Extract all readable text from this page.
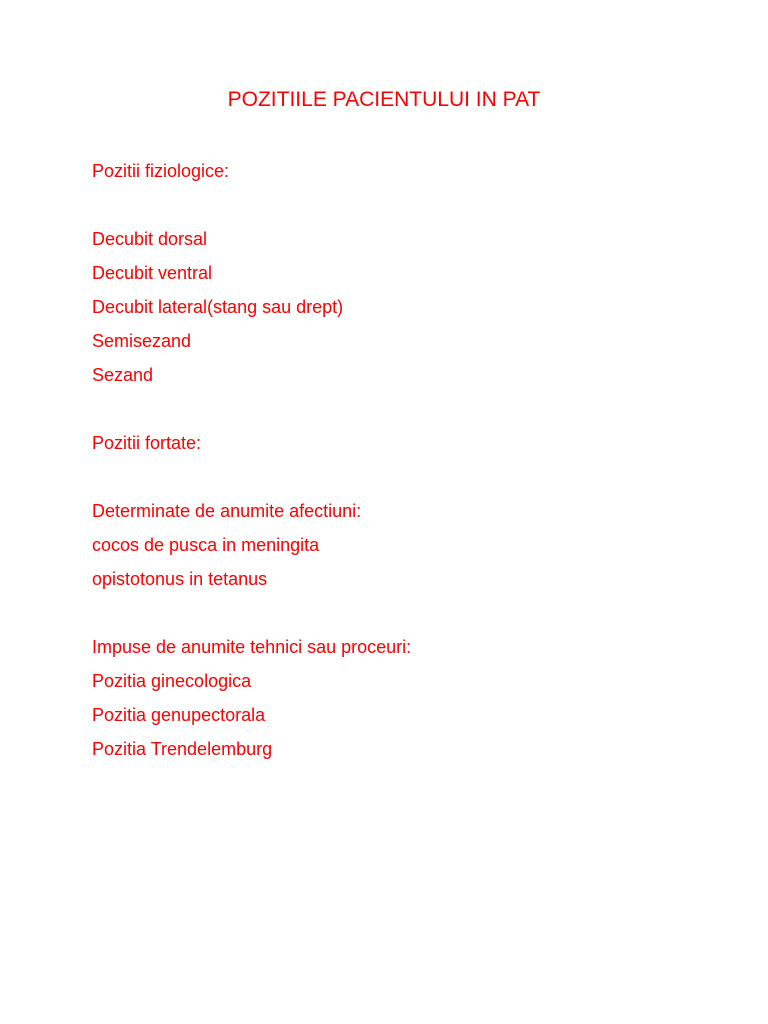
POZITIILE PACIENTULUI IN PAT

Pozitii fiziologice:

Decubit dorsal

Decubit ventral

Decubit lateral(stang sau drept)

Semisezand

Sezand

Pozitii fortate:

Determinate de anumite afectiuni:

cocos de pusca in meningita

opistotonus in tetanus

Impuse de anumite tehnici sau proceuri:

Pozitia ginecologica

Pozitia genupectorala

Pozitia Trendelemburg
